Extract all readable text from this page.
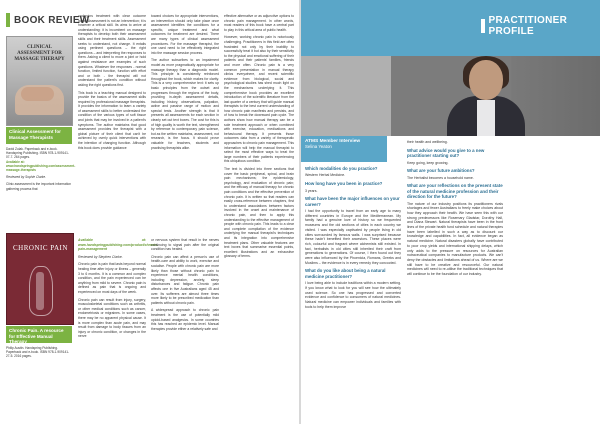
BOOK REVIEW
CLINICAL ASSESSMENT FOR MASSAGE THERAPY
Clinical Assessment for Massage Therapists
David Zulak. Paperback and e-book. Handspring Publishing. ISBN 978-1-909141-07-7. 264 pages.
Available at: www.handspringpublishing.com/assessment-massage-therapists
Reviewed by Sophie Clarke.
Clinic assessment is the important information gathering process that

underpins treatment with clear outcome goals. Assessment is not an intervention; it is however a critical skill. Its aims to arrive at understanding: it is incumbent on massage therapists to develop both their assessment skills and their treatment skills. Assessment seeks to understand, not change. It entails using pertinent questions – the right questions – and interpreting the responses to them. Asking a client to move a joint or hold against resistance are examples of such questions. Whatever the responses - normal function, limited function, function with effort and or both - the therapist will not understand the patient's condition without asking the right questions first.

This book is a teaching manual designed to provide the basics of the assessment skills required by professional massage therapists. It provides the information to learn a variety of assessment skills to better understand the condition of the various types of soft tissue and joints that may be involved in a patient's symptoms. The author maintains that good assessment provides the therapist with a global picture of their client that can't be achieved by overly quick interventions with the intention of changing function. Although this book does provide guidance

toward choices for appropriate interventions, an intervention should only take place once assessment identifies the conditions for a specific, unique treatment and what outcomes for treatment are desired. There are many types of clinical assessment procedures. For the massage therapist, the one used need to be effectively integrated into the massage session process.

The author subscribes to an impairment model as more pragmatically appropriate for massage therapy than a diagnostic model. This principle is consistently reinforced throughout the book, which makes for clarity. This is a very comprehensive text: it sets up basic principles from the outset and progresses through the regions of the body, providing in-depth assessment details, including history, observations, palpation, active and passive range of motion and special tests. Another strength is that it presents all assessments for each section in clearly set out text boxes. The cost for this is of high quality is worth the text, strengthened by reference to contemporary pain science, but as the written maintains, assessment, not research, is the focus. It should prove valuable for teachers, students and practising therapists alike.

effective alternative or as adjunctive options to chronic pain management. In other words, most readers of this book have a central part to play in this critical area of public health.

However, working chronic pain is notoriously challenging. Practitioners in this field are often frustrated not only by their inability to successfully treat it but also by their sensitivity to the physical and emotional suffering of their patients and their patients' families, friends and more often. Chronic pain is a very common presentation in manual therapy clinics everywhere, and recent scientific evidence from biological, social and psychological studies has shed much light on the mechanisms underlying it. This comprehensive book provides an excellent introduction of the scientific literature from the last quarter of a century that will guide manual therapists to the best current understanding of how chronic pain manifests and persists, and of how to break the downward pain cycle. The authors show how manual therapy can be a sole treatment approach or when combined with exercise, education, medications and behavioural therapy. It presents those outcomes data from a variety of therapeutic approaches to chronic pain management. This information will help the manual therapist to select the most effective ways to treat the large numbers of their patients experiencing this ubiquitous condition.

The text is divided into three sections that cover the basic peripheral, spinal, and brain pain mechanisms; the epidemiology, psychology, and evaluation of chronic pain; and the efficacy of manual therapy for chronic pain conditions and the effective prevention of chronic pain. It is written so that readers can easily cross-reference between chapters, first to understand associations between factors involved in the onset and maintenance of chronic pain, and then to apply this understanding to the effective management of people with chronic pain. This leads to a clear and complete compilation of the evidence underlying the manual therapist's techniques and its integration into comprehensive treatment plans. Other valuable features are text boxes that summarise essential points, excellent illustrations and an exhaustive glossary of terms.

CHRONIC PAIN
Chronic Pain. A resource for Effective Manual Therapy
Philip Austin. Handspring Publishing. Paperback and e-book. ISBN 978-1-909141-27-5. 2016 pages.

Available at: www.handspringpublishing.com/product/chronic-pain-management

Reviewed by Stephen Clarke.

Chronic pain is pain that lasts beyond normal healing time after injury or illness – generally 3 to 6 months. It is a common and complex condition, and the pain experienced can be anything from mild to severe. Chronic pain is defined as pain that is ongoing and experienced on most days of the week.

Chronic pain can result from injury, surgery, musculoskeletal conditions such as arthritis, or other medical conditions such as cancer, endometriosis or migraines. In some cases, there may be no apparent physical cause. It is more complex than acute pain, and may result from damage to body tissues from an injury or chronic condition, or changes in the nerve

or nervous system that result in the nerves continuing to signal pain after the original condition has healed.

Chronic pain can affect a person's use of health-care and ability to work, exercise and socialise. People with chronic pain are more likely than those without chronic pain to experience mental health conditions, including depression, anxiety, sleep disturbances and fatigue. Chronic pain affects one in five Australians aged 45 and over. Its sufferers are almost three times more likely to be prescribed medication than patients without chronic pain.

A widespread approach to chronic pain treatment is the use of potentially mild opioid-based analgesics. In some countries this has reached an epidemic level. Manual therapies provide either a relatively safe and

PRACTITIONER PROFILE
ATMS Member Interview
Selina Yeaton

Which modalities do you practice?

Western Herbal Medicine.

How long have you been in practice?

3 years.

What have been the major influences on your career?

I had the opportunity to travel from an early age to many different countries in Europe and the Mediterranean. My family had a genuine love of history so we frequented museums and the old sections of cities in each country we visited. I was especially captivated by people living in old cities surrounded by famous walls. I was surprised because these hadn't benefited their ancestors. These places were rich, colourful and fragrant where alchemists still existed. In fact, herbalists in old cities still inherited their craft from generations to generations. Of course, I then found out they were also influenced by the Phoenicia, Romans, Greeks and Muslims – the evidence is in every remedy they concocted.

What do you like about being a natural medicine practitioner?

I love being able to include traditions within a modern setting. If you know what to look for you will see how the ultimately used science. So one has progressed and converted evidence and confidence to consumers of natural medicines. Natural medicine can empower individuals and families with tools to help them improve

their health and wellbeing.

What advice would you give to a new practitioner starting out?

Keep going, keep growing.

What are your future ambitions?

The Herbalist becomes a household name.

What are your reflections on the present state of the natural medicine profession and their direction for the future?

The nature of our industry positions its practitioners rivals shortages and fewer Australians to freely make choices about how they approach their health. We have seen this with our strong predecessors like Rosemary Gladstar, Dorothy Hall, and Diana Stewart. Natural therapists have been in the front lines of the private health fund schedule and natural therapies have been labelled in such a way as to discount our knowledge and capabilities. In fact, all evidence began as natural medicine. Natural disasters globally have contributed to poor crop yields and international shipping delays, which only adds to the pressure on resources for Australian nutraceutical companies to manufacture products. We can't deny the obstacles and limitations ahead of us. Where are we still have to be creative and resourceful. Our natural medicines will need to re-utilise the traditional techniques that will continue to be the foundation of our industry.
